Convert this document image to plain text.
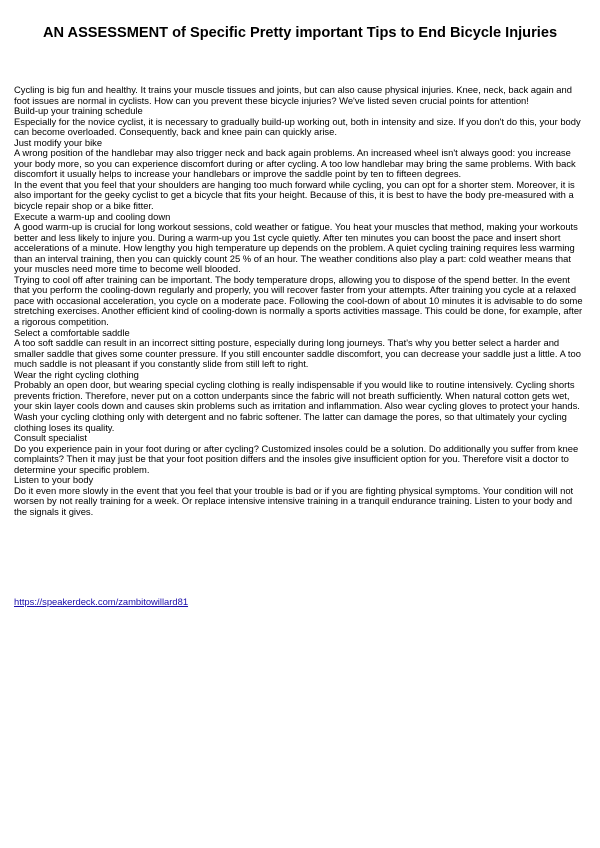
AN ASSESSMENT of Specific Pretty important Tips to End Bicycle Injuries

Cycling is big fun and healthy. It trains your muscle tissues and joints, but can also cause physical injuries. Knee, neck, back again and foot issues are normal in cyclists. How can you prevent these bicycle injuries? We've listed seven crucial points for attention!

Build-up your training schedule

Especially for the novice cyclist, it is necessary to gradually build-up working out, both in intensity and size. If you don't do this, your body can become overloaded. Consequently, back and knee pain can quickly arise.

Just modify your bike

A wrong position of the handlebar may also trigger neck and back again problems. An increased wheel isn't always good: you increase your body more, so you can experience discomfort during or after cycling. A too low handlebar may bring the same problems. With back discomfort it usually helps to increase your handlebars or improve the saddle point by ten to fifteen degrees.

In the event that you feel that your shoulders are hanging too much forward while cycling, you can opt for a shorter stem. Moreover, it is also important for the geeky cyclist to get a bicycle that fits your height. Because of this, it is best to have the body pre-measured with a bicycle repair shop or a bike fitter.

Execute a warm-up and cooling down

A good warm-up is crucial for long workout sessions, cold weather or fatigue. You heat your muscles that method, making your workouts better and less likely to injure you. During a warm-up you 1st cycle quietly. After ten minutes you can boost the pace and insert short accelerations of a minute. How lengthy you high temperature up depends on the problem. A quiet cycling training requires less warming than an interval training, then you can quickly count 25 % of an hour. The weather conditions also play a part: cold weather means that your muscles need more time to become well blooded.

Trying to cool off after training can be important. The body temperature drops, allowing you to dispose of the spend better. In the event that you perform the cooling-down regularly and properly, you will recover faster from your attempts. After training you cycle at a relaxed pace with occasional acceleration, you cycle on a moderate pace. Following the cool-down of about 10 minutes it is advisable to do some stretching exercises. Another efficient kind of cooling-down is normally a sports activities massage. This could be done, for example, after a rigorous competition.

Select a comfortable saddle

A too soft saddle can result in an incorrect sitting posture, especially during long journeys. That's why you better select a harder and smaller saddle that gives some counter pressure. If you still encounter saddle discomfort, you can decrease your saddle just a little. A too much saddle is not pleasant if you constantly slide from still left to right.

Wear the right cycling clothing

Probably an open door, but wearing special cycling clothing is really indispensable if you would like to routine intensively. Cycling shorts prevents friction. Therefore, never put on a cotton underpants since the fabric will not breath sufficiently. When natural cotton gets wet, your skin layer cools down and causes skin problems such as irritation and inflammation. Also wear cycling gloves to protect your hands. Wash your cycling clothing only with detergent and no fabric softener. The latter can damage the pores, so that ultimately your cycling clothing loses its quality.

Consult specialist

Do you experience pain in your foot during or after cycling? Customized insoles could be a solution. Do additionally you suffer from knee complaints? Then it may just be that your foot position differs and the insoles give insufficient option for you. Therefore visit a doctor to determine your specific problem.

Listen to your body

Do it even more slowly in the event that you feel that your trouble is bad or if you are fighting physical symptoms. Your condition will not worsen by not really training for a week. Or replace intensive intensive training in a tranquil endurance training. Listen to your body and the signals it gives.

https://speakerdeck.com/zambitowillard81
